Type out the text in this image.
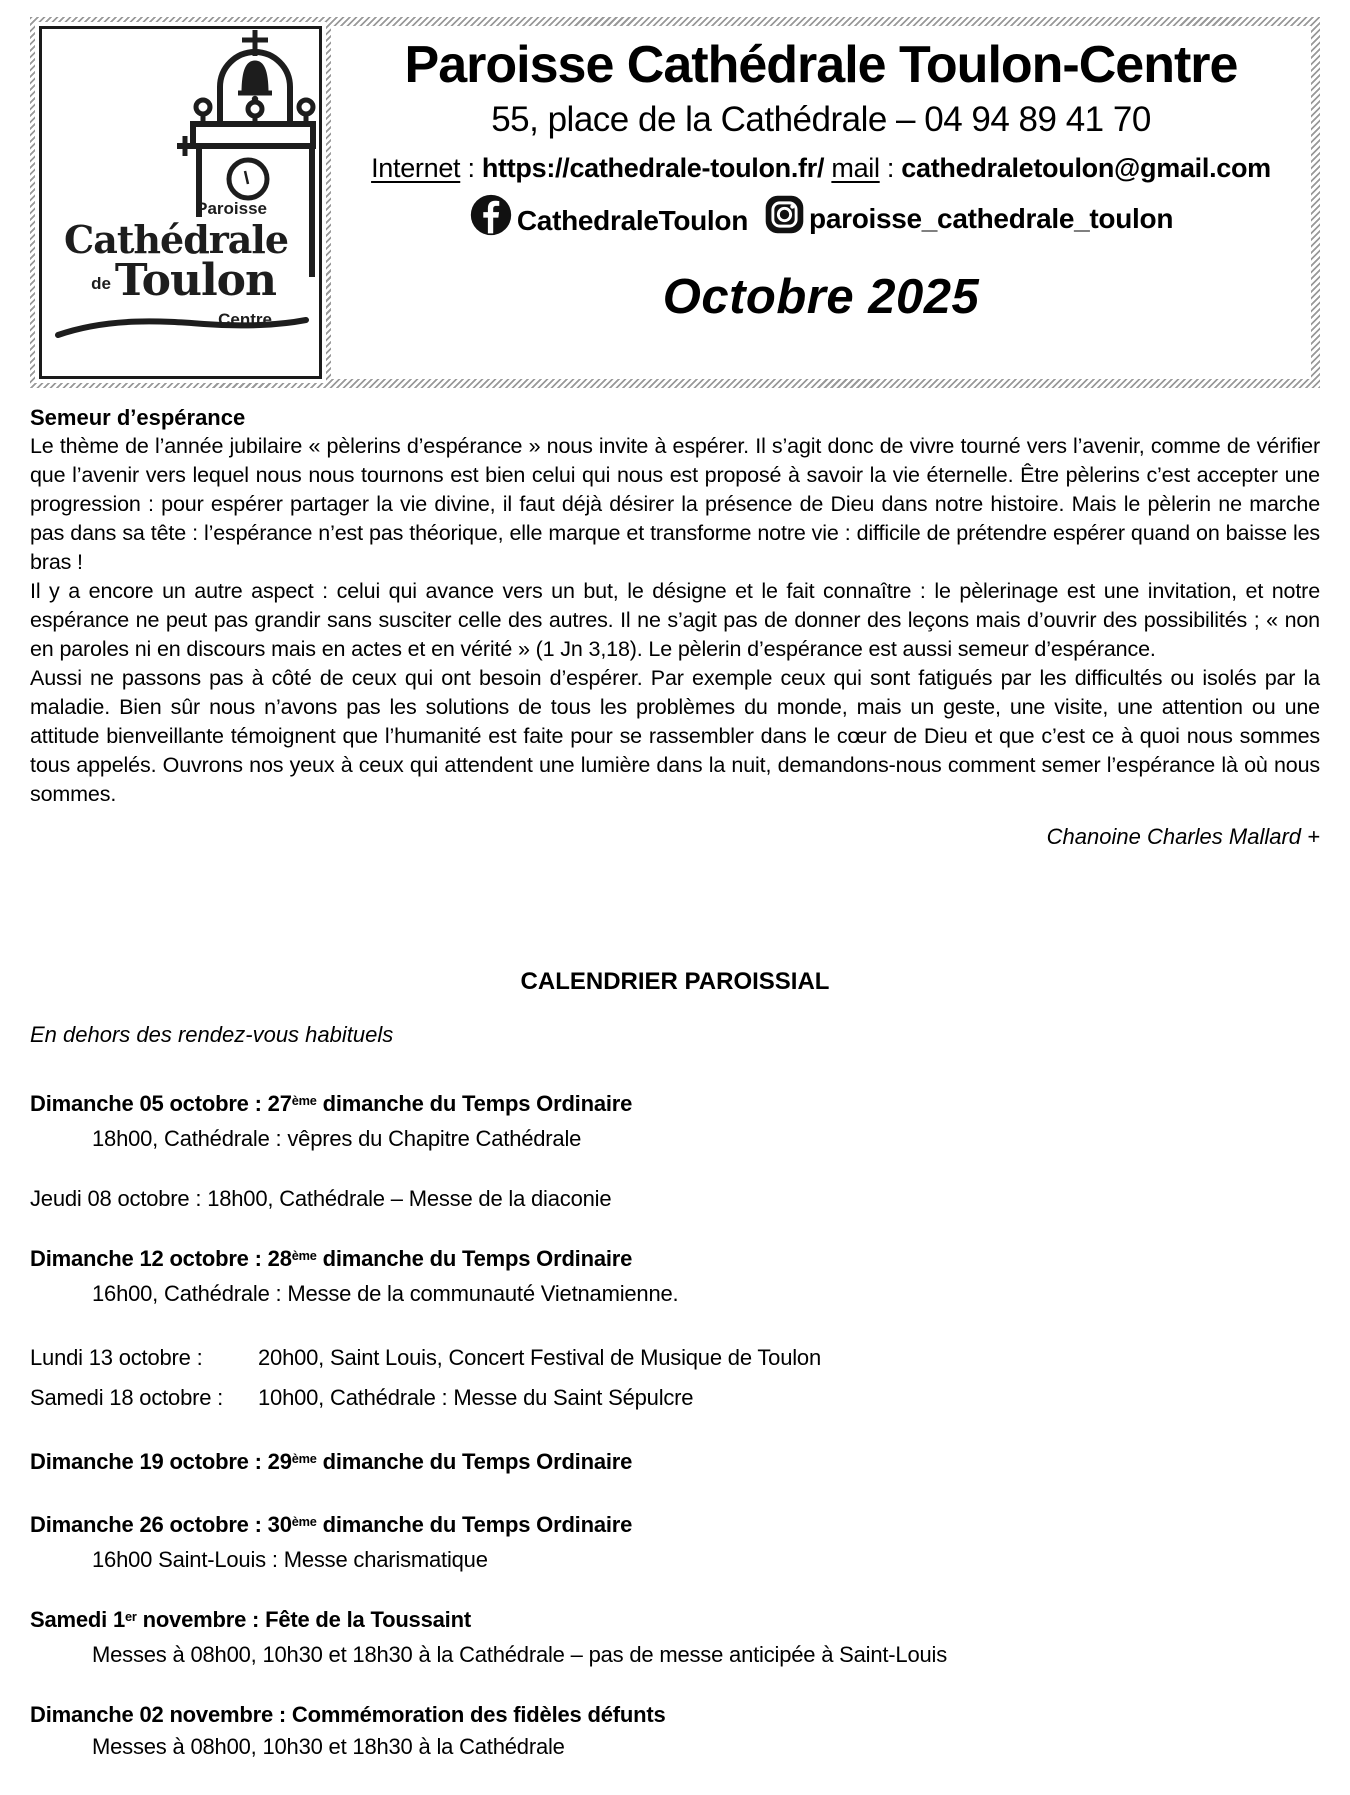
Paroisse
Cathédrale
deToulon
Centre
Paroisse Cathédrale Toulon-Centre
55, place de la Cathédrale – 04 94 89 41 70
Internet : https://cathedrale-toulon.fr/ mail : cathedraletoulon@gmail.com
CathedraleToulon paroisse_cathedrale_toulon
Octobre 2025
Semeur d’espérance

Le thème de l’année jubilaire « pèlerins d’espérance » nous invite à espérer. Il s’agit donc de vivre tourné vers l’avenir, comme de vérifier que l’avenir vers lequel nous nous tournons est bien celui qui nous est proposé à savoir la vie éternelle. Être pèlerins c’est accepter une progression : pour espérer partager la vie divine, il faut déjà désirer la présence de Dieu dans notre histoire. Mais le pèlerin ne marche pas dans sa tête : l’espérance n’est pas théorique, elle marque et transforme notre vie : difficile de prétendre espérer quand on baisse les bras !

Il y a encore un autre aspect : celui qui avance vers un but, le désigne et le fait connaître : le pèlerinage est une invitation, et notre espérance ne peut pas grandir sans susciter celle des autres. Il ne s’agit pas de donner des leçons mais d’ouvrir des possibilités ; « non en paroles ni en discours mais en actes et en vérité » (1 Jn 3,18). Le pèlerin d’espérance est aussi semeur d’espérance.

Aussi ne passons pas à côté de ceux qui ont besoin d’espérer. Par exemple ceux qui sont fatigués par les difficultés ou isolés par la maladie. Bien sûr nous n’avons pas les solutions de tous les problèmes du monde, mais un geste, une visite, une attention ou une attitude bienveillante témoignent que l’humanité est faite pour se rassembler dans le cœur de Dieu et que c’est ce à quoi nous sommes tous appelés. Ouvrons nos yeux à ceux qui attendent une lumière dans la nuit, demandons-nous comment semer l’espérance là où nous sommes.

Chanoine Charles Mallard +
CALENDRIER PAROISSIAL
En dehors des rendez-vous habituels
Dimanche 05 octobre : 27ème dimanche du Temps Ordinaire
18h00, Cathédrale : vêpres du Chapitre Cathédrale
Jeudi 08 octobre : 18h00, Cathédrale – Messe de la diaconie
Dimanche 12 octobre : 28ème dimanche du Temps Ordinaire
16h00, Cathédrale : Messe de la communauté Vietnamienne.
Lundi 13 octobre :	20h00, Saint Louis, Concert Festival de Musique de Toulon
Samedi 18 octobre : 10h00, Cathédrale : Messe du Saint Sépulcre
Dimanche 19 octobre : 29ème dimanche du Temps Ordinaire
Dimanche 26 octobre : 30ème dimanche du Temps Ordinaire
16h00 Saint-Louis : Messe charismatique
Samedi 1er novembre : Fête de la Toussaint
Messes à 08h00, 10h30 et 18h30 à la Cathédrale – pas de messe anticipée à Saint-Louis
Dimanche 02 novembre : Commémoration des fidèles défunts
Messes à 08h00, 10h30 et 18h30 à la Cathédrale
